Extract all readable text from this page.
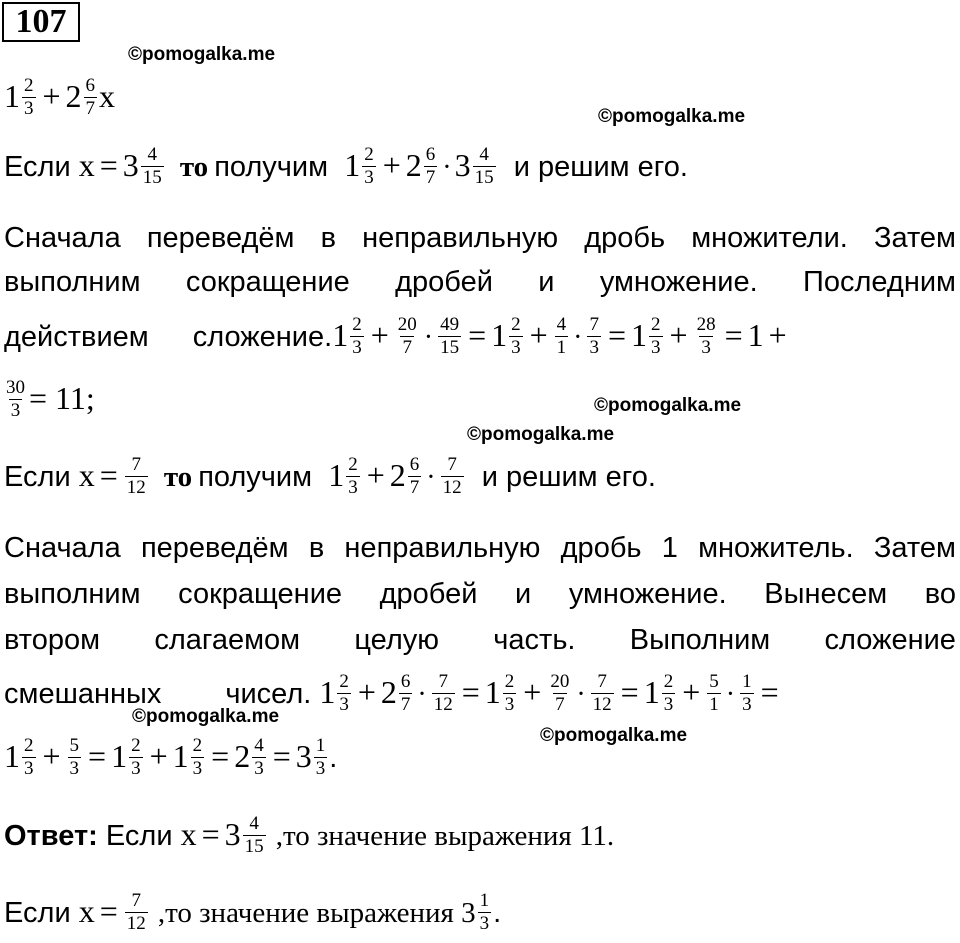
107
©pomogalka.me
©pomogalka.me
©pomogalka.me
©pomogalka.me
©pomogalka.me
©pomogalka.me
$1 \frac{2}{3} + 2 \frac{6}{7}$ x
Если $x = 3 \frac{4}{15}$ то получим $1 \frac{2}{3} + 2 \frac{6}{7} \cdot 3 \frac{4}{15}$ и решим его.
Сначала переведём в неправильную дробь множители. Затем
выполним сокращение дробей и умножение. Последним
действием сложение.1 $\frac{2}{3} + \frac{20}{7} \cdot \frac{49}{15} = 1 \frac{2}{3} + \frac{4}{1} \cdot \frac{7}{3} = 1 \frac{2}{3} + \frac{28}{3} = 1$ +
$\frac{30}{3} = 11$;
Если $x = \frac{7}{12}$ то получим $1 \frac{2}{3} + 2 \frac{6}{7} \cdot \frac{7}{12}$ и решим его.
Сначала переведём в неправильную дробь 1 множитель. Затем
выполним сокращение дробей и умножение. Вынесем во
втором слагаемом целую часть. Выполним сложение
смешанных чисел. $1 \frac{2}{3} + 2 \frac{6}{7} \cdot \frac{7}{12} = 1 \frac{2}{3} + \frac{20}{7} \cdot \frac{7}{12} = 1 \frac{2}{3} + \frac{5}{1} \cdot \frac{1}{3}$ =
$1 \frac{2}{3} + \frac{5}{3} = 1 \frac{2}{3} + 1 \frac{2}{3} = 2 \frac{4}{3} = 3 \frac{1}{3}$ .
Ответ: Если $x = 3 \frac{4}{15} ,то$ значение выражения 11.
Если $x = \frac{7}{12} ,то$ значение выражения $3 \frac{1}{3}$ .
